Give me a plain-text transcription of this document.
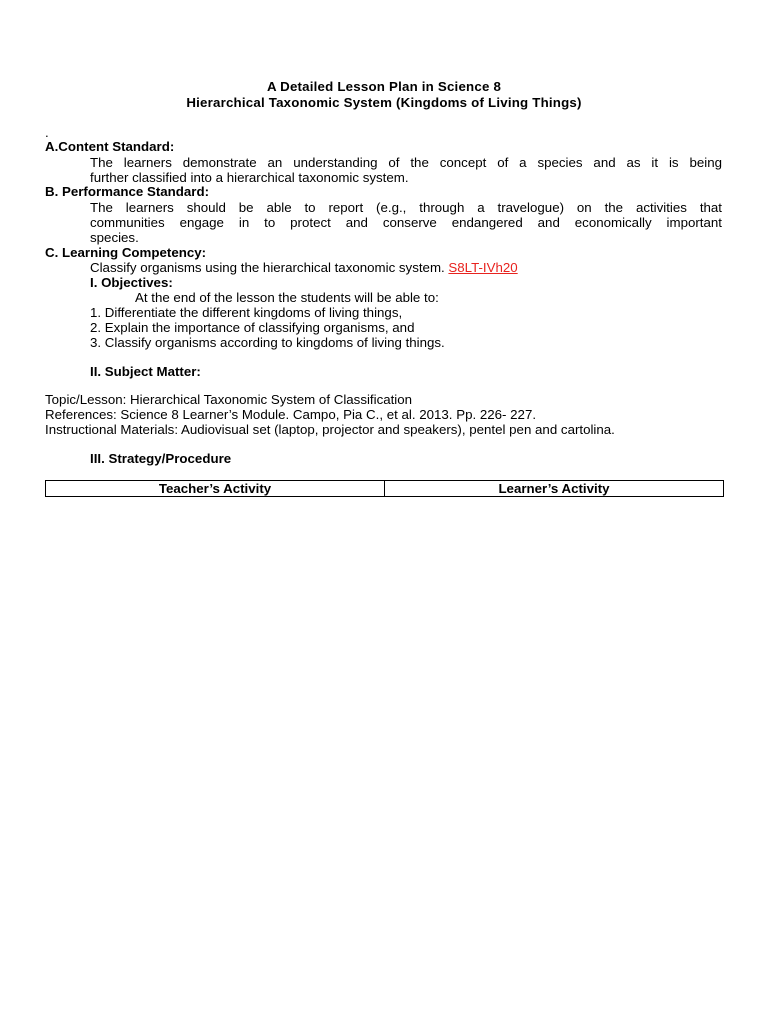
A Detailed Lesson Plan in Science 8
Hierarchical Taxonomic System (Kingdoms of Living Things)
.
A.Content Standard:
The learners demonstrate an understanding of the concept of a species and as it is being
further classified into a hierarchical taxonomic system.
B. Performance Standard:
The learners should be able to report (e.g., through a travelogue) on the activities that
communities engage in to protect and conserve endangered and economically important
species.
C. Learning Competency:
Classify organisms using the hierarchical taxonomic system. S8LT-IVh20
I. Objectives:
At the end of the lesson the students will be able to:
1. Differentiate the different kingdoms of living things,
2. Explain the importance of classifying organisms, and
3. Classify organisms according to kingdoms of living things.
II. Subject Matter:
Topic/Lesson: Hierarchical Taxonomic System of Classification
References: Science 8 Learner’s Module. Campo, Pia C., et al. 2013. Pp. 226- 227.
Instructional Materials: Audiovisual set (laptop, projector and speakers), pentel pen and cartolina.
III. Strategy/Procedure
Teacher’s Activity	Learner’s Activity
